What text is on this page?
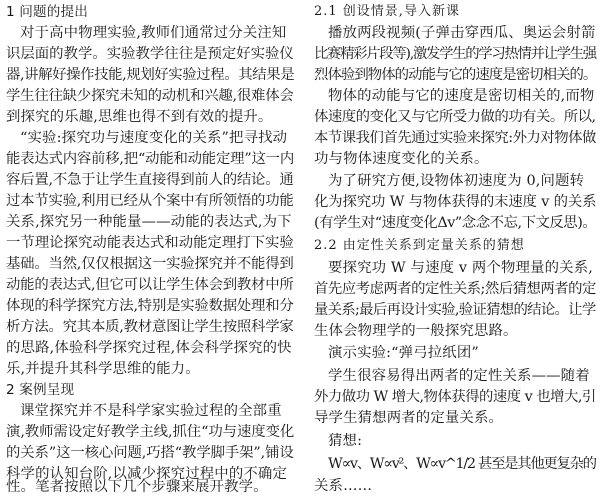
1 问题的提出
对于高中物理实验,教师们通常过分关注知
识层面的教学。实验教学往往是预定好实验仪
器,讲解好操作技能,规划好实验过程。其结果是
学生往往缺少探究未知的动机和兴趣,很难体会
到探究的乐趣,思维也得不到有效的提升。
“实验:探究功与速度变化的关系”把寻找动
能表达式内容前移,把“动能和动能定理”这一内
容后置,不急于让学生直接得到前人的结论。通
过本节实验,利用已经从个案中有所领悟的功能
关系,探究另一种能量——动能的表达式,为下
一节理论探究动能表达式和动能定理打下实验
基础。当然,仅仅根据这一实验探究并不能得到
动能的表达式,但它可以让学生体会到教材中所
体现的科学探究方法,特别是实验数据处理和分
析方法。究其本质,教材意图让学生按照科学家
的思路,体验科学探究过程,体会科学探究的快
乐,并提升其科学思维的能力。
2 案例呈现
课堂探究并不是科学家实验过程的全部重
演,教师需设定好教学主线,抓住“功与速度变化
的关系”这一核心问题,巧搭“教学脚手架”,铺设
科学的认知台阶,以减少探究过程中的不确定
性。笔者按照以下几个步骤来展开教学。
2.1 创设情景,导入新课
播放两段视频(子弹击穿西瓜、奥运会射箭
比赛精彩片段等),激发学生的学习热情并让学生强
烈体验到物体的动能与它的速度是密切相关的。
物体的动能与它的速度是密切相关的,而物
体速度的变化又与它所受力做的功有关。所以,
本节课我们首先通过实验来探究:外力对物体做
功与物体速度变化的关系。
为了研究方便,设物体初速度为 0,问题转
化为探究功 W 与物体获得的末速度 v 的关系
(有学生对“速度变化Δv”念念不忘,下文反思)。
2.2 由定性关系到定量关系的猜想
要探究功 W 与速度 v 两个物理量的关系,
首先应考虑两者的定性关系;然后猜想两者的定
量关系;最后再设计实验,验证猜想的结论。让学
生体会物理学的一般探究思路。
演示实验:“弹弓拉纸团”
学生很容易得出两者的定性关系——随着
外力做功 W 增大,物体获得的速度 v 也增大,引
导学生猜想两者的定量关系。
猜想:
W∝v、W∝v²、W∝v^1/2 甚至是其他更复杂的
关系……
